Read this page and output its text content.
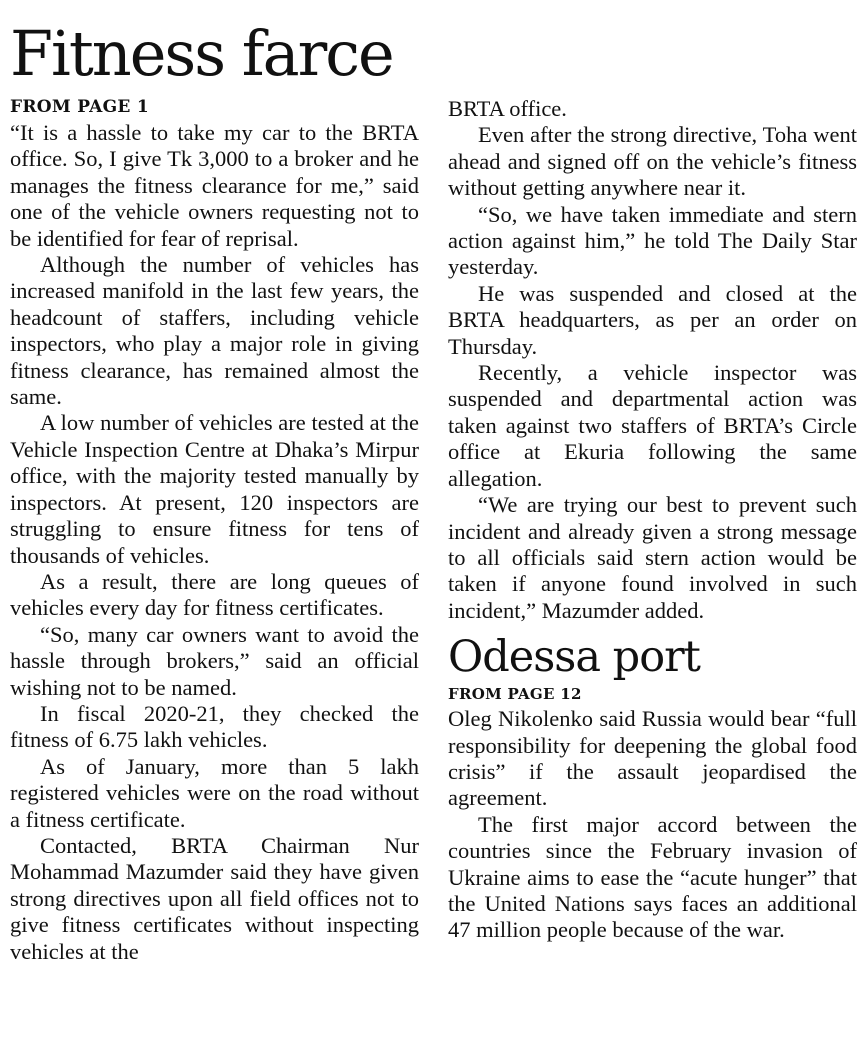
Fitness farce
FROM PAGE 1

“It is a hassle to take my car to the BRTA office. So, I give Tk 3,000 to a broker and he manages the fitness clearance for me,” said one of the vehicle owners requesting not to be identified for fear of reprisal.

Although the number of vehicles has increased manifold in the last few years, the headcount of staffers, including vehicle inspectors, who play a major role in giving fitness clearance, has remained almost the same.

A low number of vehicles are tested at the Vehicle Inspection Centre at Dhaka’s Mirpur office, with the majority tested manually by inspectors. At present, 120 inspectors are struggling to ensure fitness for tens of thousands of vehicles.

As a result, there are long queues of vehicles every day for fitness certificates.

“So, many car owners want to avoid the hassle through brokers,” said an official wishing not to be named.

In fiscal 2020-21, they checked the fitness of 6.75 lakh vehicles.

As of January, more than 5 lakh registered vehicles were on the road without a fitness certificate.

Contacted, BRTA Chairman Nur Mohammad Mazumder said they have given strong directives upon all field offices not to give fitness certificates without inspecting vehicles at the

BRTA office.

Even after the strong directive, Toha went ahead and signed off on the vehicle’s fitness without getting anywhere near it.

“So, we have taken immediate and stern action against him,” he told The Daily Star yesterday.

He was suspended and closed at the BRTA headquarters, as per an order on Thursday.

Recently, a vehicle inspector was suspended and departmental action was taken against two staffers of BRTA’s Circle office at Ekuria following the same allegation.

“We are trying our best to prevent such incident and already given a strong message to all officials said stern action would be taken if anyone found involved in such incident,” Mazumder added.

Odessa port
FROM PAGE 12

Oleg Nikolenko said Russia would bear “full responsibility for deepening the global food crisis” if the assault jeopardised the agreement.

The first major accord between the countries since the February invasion of Ukraine aims to ease the “acute hunger” that the United Nations says faces an additional 47 million people because of the war.
